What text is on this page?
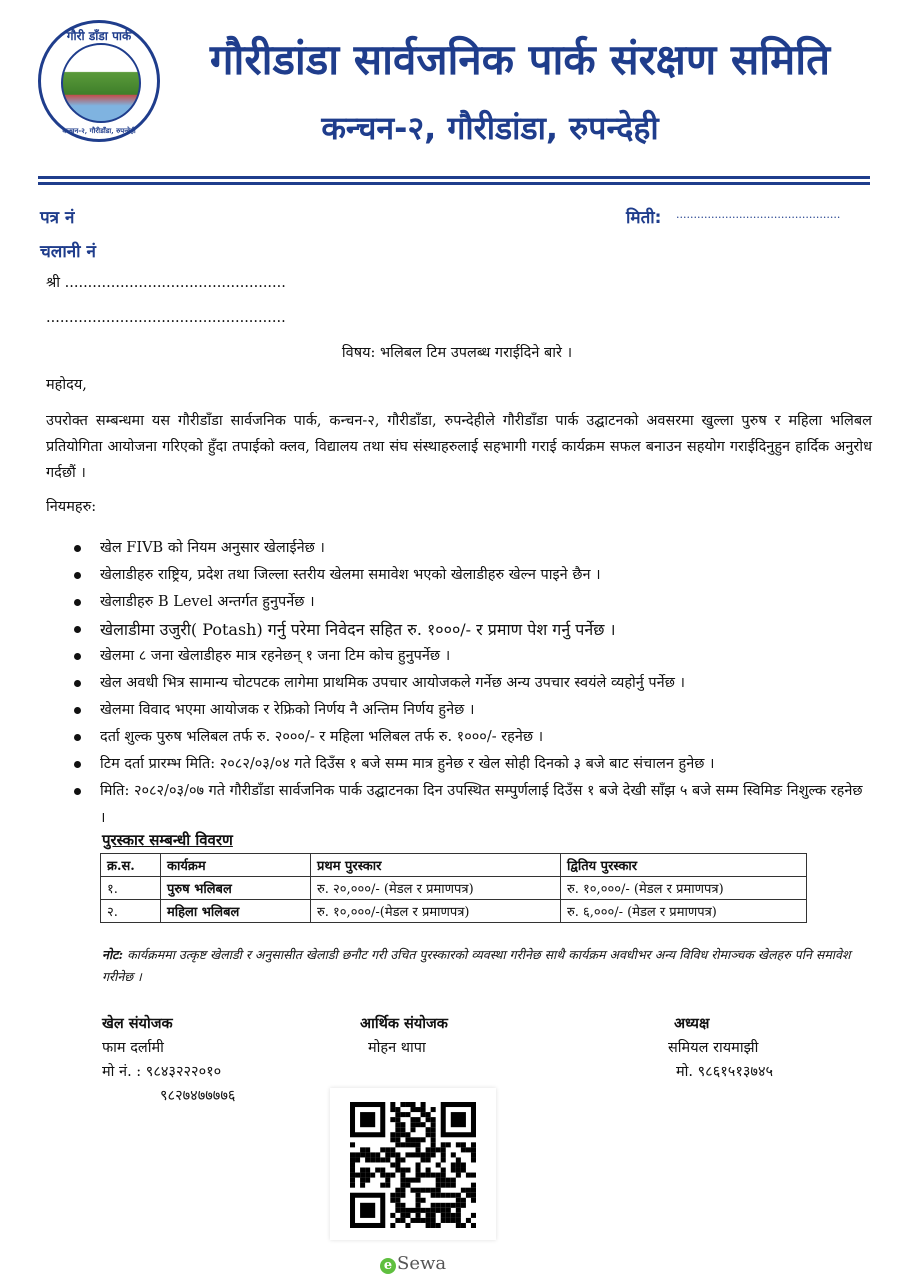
गौरी डाँडा पार्क
कन्चन-२, गौरीडाँडा, रुपन्देही
गौरीडांडा सार्वजनिक पार्क संरक्षण समिति
कन्चन-२, गौरीडांडा, रुपन्देही
पत्र नं
चलानी नं
मिती: ...............................................
श्री ................................................
....................................................
विषय: भलिबल टिम उपलब्ध गराईदिने बारे ।
महोदय,
उपरोक्त सम्बन्धमा यस गौरीडाँडा सार्वजनिक पार्क, कन्चन-२, गौरीडाँडा, रुपन्देहीले गौरीडाँडा पार्क उद्घाटनको अवसरमा खुल्ला पुरुष र महिला भलिबल प्रतियोगिता आयोजना गरिएको हुँदा तपाईको क्लव, विद्यालय तथा संघ संस्थाहरुलाई सहभागी गराई कार्यक्रम सफल बनाउन सहयोग गराईदिनुहुन हार्दिक अनुरोध गर्दछौं ।
नियमहरु:
खेल FIVB को नियम अनुसार खेलाईनेछ ।
खेलाडीहरु राष्ट्रिय, प्रदेश तथा जिल्ला स्तरीय खेलमा समावेश भएको खेलाडीहरु खेल्न पाइने छैन ।
खेलाडीहरु B Level अन्तर्गत हुनुपर्नेछ ।
खेलाडीमा उजुरी( Potash) गर्नु परेमा निवेदन सहित रु. १०००/- र प्रमाण पेश गर्नु पर्नेछ ।
खेलमा ८ जना खेलाडीहरु मात्र रहनेछन् १ जना टिम कोच हुनुपर्नेछ ।
खेल अवधी भित्र सामान्य चोटपटक लागेमा प्राथमिक उपचार आयोजकले गर्नेछ अन्य उपचार स्वयंले व्यहोर्नु पर्नेछ ।
खेलमा विवाद भएमा आयोजक र रेफ्रिको निर्णय नै अन्तिम निर्णय हुनेछ ।
दर्ता शुल्क पुरुष भलिबल तर्फ रु. २०००/- र महिला भलिबल तर्फ रु. १०००/- रहनेछ ।
टिम दर्ता प्रारम्भ मिति: २०८२/०३/०४ गते दिउँस १ बजे सम्म मात्र हुनेछ र खेल सोही दिनको ३ बजे बाट संचालन हुनेछ ।
मिति: २०८२/०३/०७ गते गौरीडाँडा सार्वजनिक पार्क उद्घाटनका दिन उपस्थित सम्पुर्णलाई दिउँस १ बजे देखी साँझ ५ बजे सम्म स्विमिङ निशुल्क रहनेछ ।
पुरस्कार सम्बन्धी विवरण
क्र.स.	कार्यक्रम	प्रथम पुरस्कार	द्वितिय पुरस्कार
१.	पुरुष भलिबल	रु. २०,०००/- (मेडल र प्रमाणपत्र)	रु. १०,०००/- (मेडल र प्रमाणपत्र)
२.	महिला भलिबल	रु. १०,०००/-(मेडल र प्रमाणपत्र)	रु. ६,०००/- (मेडल र प्रमाणपत्र)
नोट: कार्यक्रममा उत्कृष्ट खेलाडी र अनुसासीत खेलाडी छनौट गरी उचित पुरस्कारको व्यवस्था गरीनेछ साथै कार्यक्रम अवधीभर अन्य विविध रोमाञ्चक खेलहरु पनि समावेश गरीनेछ ।
खेल संयोजक
फाम दर्लामी
मो नं. : ९८४३२२२०१०
९८२७४७७७७६
आर्थिक संयोजक
मोहन थापा
अध्यक्ष
समियल रायमाझी
मो. ९८६१५१३७४५
e Sewa
